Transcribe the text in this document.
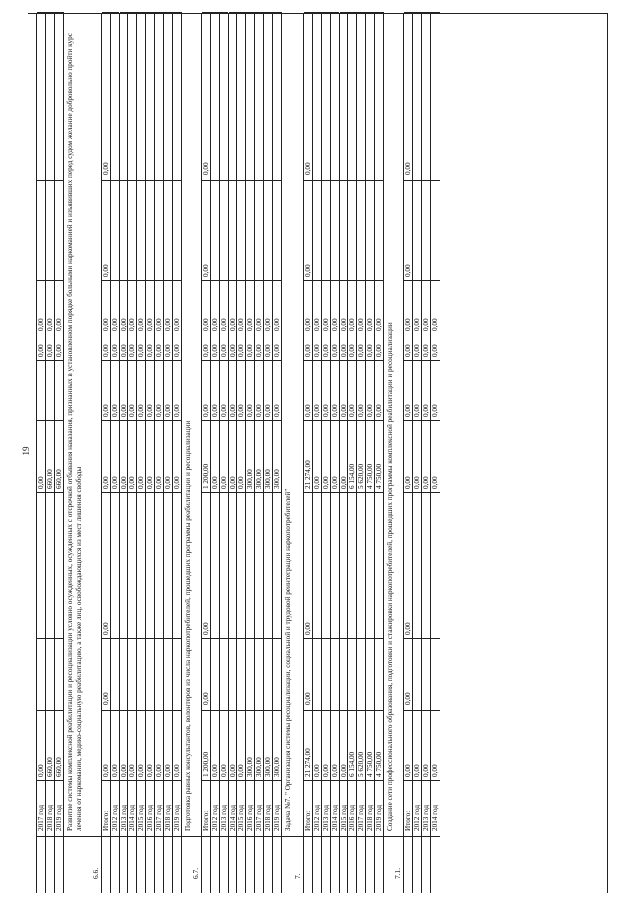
19
2017 год
0,00
0,00
0,00
0,00
2018 год
660,00
660,00
0,00
0,00
2019 год
660,00
660,00
0,00
0,00
6.6.
Развитие системы комплексной реабилитации и ресоциализации условно осужденных, осужденных с отсрочкой отбывания наказания, признанных в установленном порядке больными наркоманией и изъявивших перед судом желание добровольно пройти курс лечения от наркомании, медико-социальную реабилитацию, а также лиц, освобождающихся из мест лишения свободы	Итого:
0,00
0,00
0,00
0,00
0,00
0,00
0,00
0,00
0,00
2012 год
0,00
0,00
0,00
0,00
0,00
2013 год
0,00
0,00
0,00
0,00
0,00
2014 год
0,00
0,00
0,00
0,00
0,00
2015 год
0,00
0,00
0,00
0,00
0,00
2016 год
0,00
0,00
0,00
0,00
0,00
2017 год
0,00
0,00
0,00
0,00
0,00
2018 год
0,00
0,00
0,00
0,00
0,00
2019 год
0,00
0,00
0,00
0,00
0,00
6.7.
Подготовка равных консультантов, волонтеров из числа наркопотребителей, прошедших программы реабилитации и ресоциализации Итого:
1 200,00
0,00
0,00
1 200,00
0,00
0,00
0,00
0,00
0,00
2012 год
0,00
0,00
0,00
0,00
0,00
2013 год
0,00
0,00
0,00
0,00
0,00
2014 год
0,00
0,00
0,00
0,00
0,00
2015 год
0,00
0,00
0,00
0,00
0,00
2016 год
300,00
300,00
0,00
0,00
0,00
2017 год
300,00
300,00
0,00
0,00
0,00
2018 год
300,00
300,00
0,00
0,00
0,00
2019 год
300,00
300,00
0,00
0,00
0,00
7.
Задача №7. " Организация системы ресоциализации, социальной и трудовой реинтеграции наркопотребителей" Итого:
21 274,00
0,00
0,00
21 274,00
0,00
0,00
0,00
0,00
0,00
2012 год
0,00
0,00
0,00
0,00
0,00
2013 год
0,00
0,00
0,00
0,00
0,00
2014 год
0,00
0,00
0,00
0,00
0,00
2015 год
0,00
0,00
0,00
0,00
0,00
2016 год
6 154,00
6 154,00
0,00
0,00
0,00
2017 год
5 620,00
5 620,00
0,00
0,00
0,00
2018 год
4 750,00
4 750,00
0,00
0,00
0,00
2019 год
4 750,00
4 750,00
0,00
0,00
0,00
7.1.
Создание сети профессионального образования, подготовки и стажировки наркопотребителей, прошедших программы комплексной реабилитации и ресоциализации Итого:
0,00
0,00
0,00
0,00
0,00
0,00
0,00
0,00
0,00
2012 год
0,00
0,00
0,00
0,00
0,00
2013 год
0,00
0,00
0,00
0,00
0,00
2014 год
0,00
0,00
0,00
0,00
0,00
